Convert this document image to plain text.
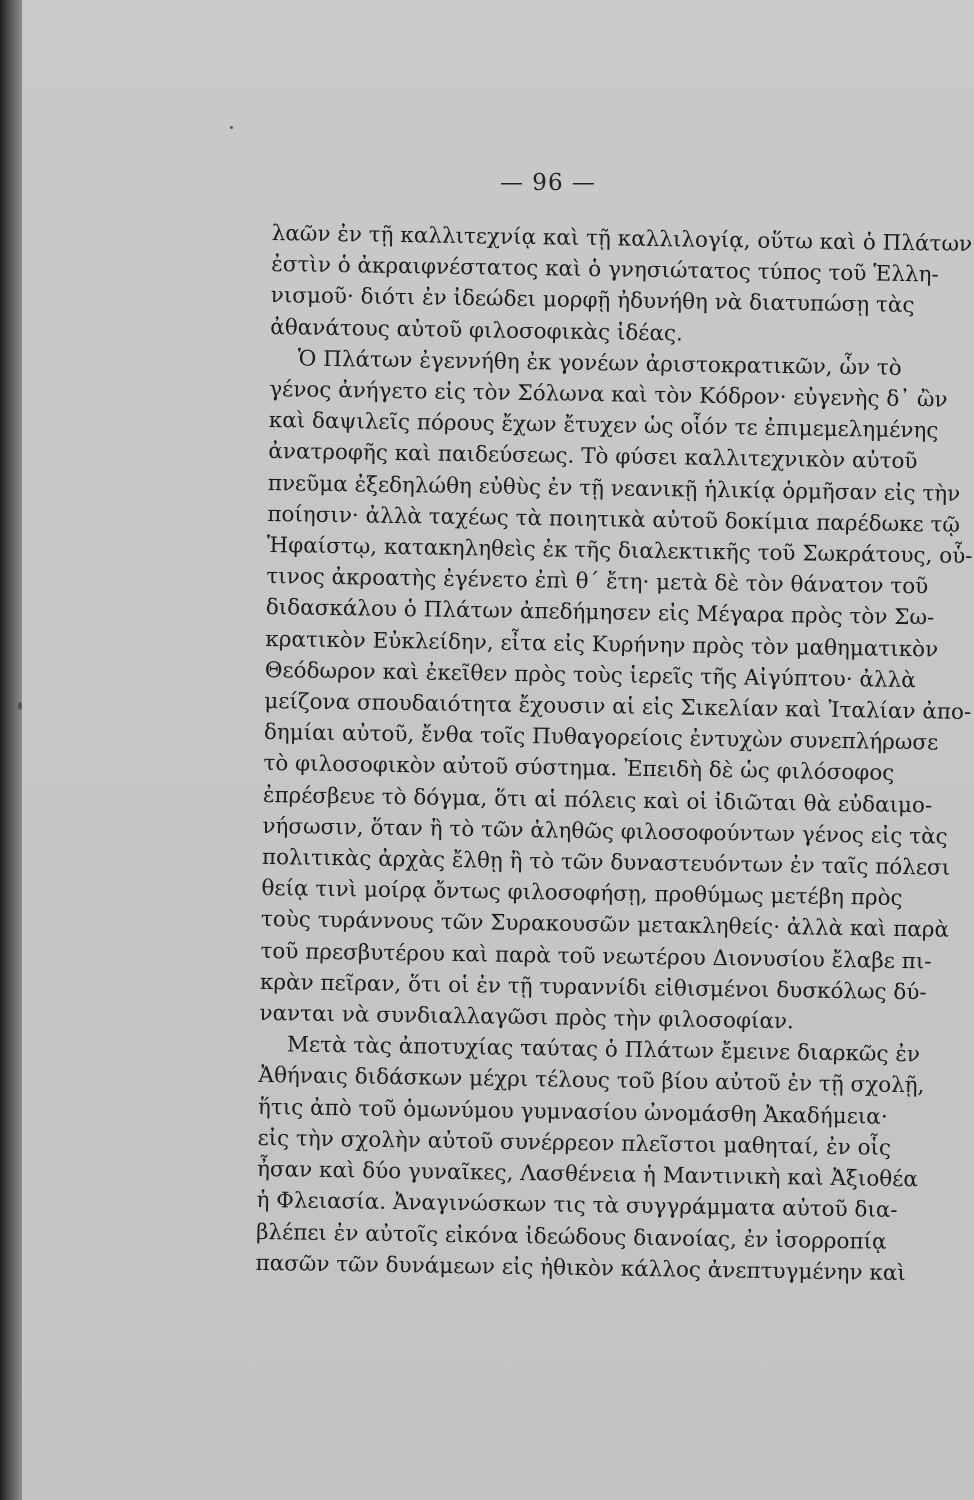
— 96 —
λαῶν ἐν τῇ καλλιτεχνίᾳ καὶ τῇ καλλιλογίᾳ, οὕτω καὶ ὁ Πλάτων
ἐστὶν ὁ ἀκραιφνέστατος καὶ ὁ γνησιώτατος τύπος τοῦ Ἑλλη-
νισμοῦ· διότι ἐν ἰδεώδει μορφῇ ἠδυνήθη νὰ διατυπώσῃ τὰς
ἀθανάτους αὐτοῦ φιλοσοφικὰς ἰδέας.
Ὁ Πλάτων ἐγεννήθη ἐκ γονέων ἀριστοκρατικῶν, ὧν τὸ
γένος ἀνήγετο εἰς τὸν Σόλωνα καὶ τὸν Κόδρον· εὐγενὴς δ᾽ ὢν
καὶ δαψιλεῖς πόρους ἔχων ἔτυχεν ὡς οἷόν τε ἐπιμεμελημένης
ἀνατροφῆς καὶ παιδεύσεως. Τὸ φύσει καλλιτεχνικὸν αὐτοῦ
πνεῦμα ἐξεδηλώθη εὐθὺς ἐν τῇ νεανικῇ ἡλικίᾳ ὁρμῆσαν εἰς τὴν
ποίησιν· ἀλλὰ ταχέως τὰ ποιητικὰ αὐτοῦ δοκίμια παρέδωκε τῷ
Ἡφαίστῳ, κατακηληθεὶς ἐκ τῆς διαλεκτικῆς τοῦ Σωκράτους, οὗ-
τινος ἀκροατὴς ἐγένετο ἐπὶ θ΄ ἔτη· μετὰ δὲ τὸν θάνατον τοῦ
διδασκάλου ὁ Πλάτων ἀπεδήμησεν εἰς Μέγαρα πρὸς τὸν Σω-
κρατικὸν Εὐκλείδην, εἶτα εἰς Κυρήνην πρὸς τὸν μαθηματικὸν
Θεόδωρον καὶ ἐκεῖθεν πρὸς τοὺς ἱερεῖς τῆς Αἰγύπτου· ἀλλὰ
μείζονα σπουδαιότητα ἔχουσιν αἱ εἰς Σικελίαν καὶ Ἰταλίαν ἀπο-
δημίαι αὐτοῦ, ἔνθα τοῖς Πυθαγορείοις ἐντυχὼν συνεπλήρωσε
τὸ φιλοσοφικὸν αὐτοῦ σύστημα. Ἐπειδὴ δὲ ὡς φιλόσοφος
ἐπρέσβευε τὸ δόγμα, ὅτι αἱ πόλεις καὶ οἱ ἰδιῶται θὰ εὐδαιμο-
νήσωσιν, ὅταν ἢ τὸ τῶν ἀληθῶς φιλοσοφούντων γένος εἰς τὰς
πολιτικὰς ἀρχὰς ἔλθῃ ἢ τὸ τῶν δυναστευόντων ἐν ταῖς πόλεσι
θείᾳ τινὶ μοίρᾳ ὄντως φιλοσοφήσῃ, προθύμως μετέβη πρὸς
τοὺς τυράννους τῶν Συρακουσῶν μετακληθείς· ἀλλὰ καὶ παρὰ
τοῦ πρεσβυτέρου καὶ παρὰ τοῦ νεωτέρου Διονυσίου ἔλαβε πι-
κρὰν πεῖραν, ὅτι οἱ ἐν τῇ τυραννίδι εἰθισμένοι δυσκόλως δύ-
νανται νὰ συνδιαλλαγῶσι πρὸς τὴν φιλοσοφίαν.
Μετὰ τὰς ἀποτυχίας ταύτας ὁ Πλάτων ἔμεινε διαρκῶς ἐν
Ἀθήναις διδάσκων μέχρι τέλους τοῦ βίου αὐτοῦ ἐν τῇ σχολῇ,
ἥτις ἀπὸ τοῦ ὁμωνύμου γυμνασίου ὠνομάσθη Ἀκαδήμεια·
εἰς τὴν σχολὴν αὐτοῦ συνέρρεον πλεῖστοι μαθηταί, ἐν οἷς
ἦσαν καὶ δύο γυναῖκες, Λασθένεια ἡ Μαντινικὴ καὶ Ἀξιοθέα
ἡ Φλειασία. Ἀναγινώσκων τις τὰ συγγράμματα αὐτοῦ δια-
βλέπει ἐν αὐτοῖς εἰκόνα ἰδεώδους διανοίας, ἐν ἰσορροπίᾳ
πασῶν τῶν δυνάμεων εἰς ἠθικὸν κάλλος ἀνεπτυγμένην καὶ
